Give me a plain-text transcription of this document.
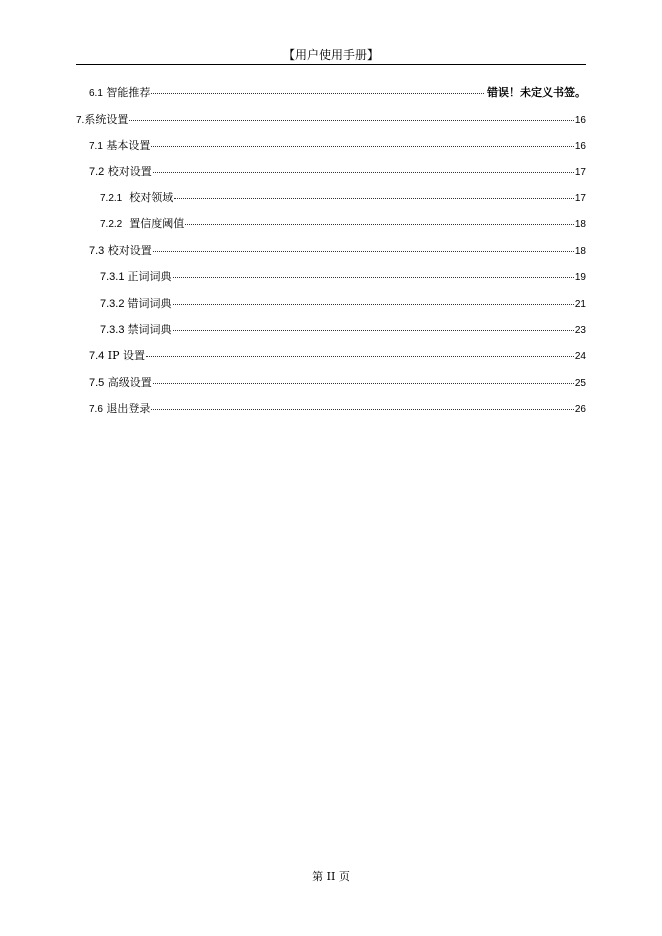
【用户使用手册】
6.1 智能推荐	错误！未定义书签。
7.系统设置	16
7.1 基本设置	16
7.2 校对设置	17
7.2.1 校对领域	17
7.2.2 置信度阈值	18
7.3 校对设置	18
7.3.1 正词词典	19
7.3.2 错词词典	21
7.3.3 禁词词典	23
7.4 IP 设置	24
7.5 高级设置	25
7.6 退出登录	26
第 II 页
